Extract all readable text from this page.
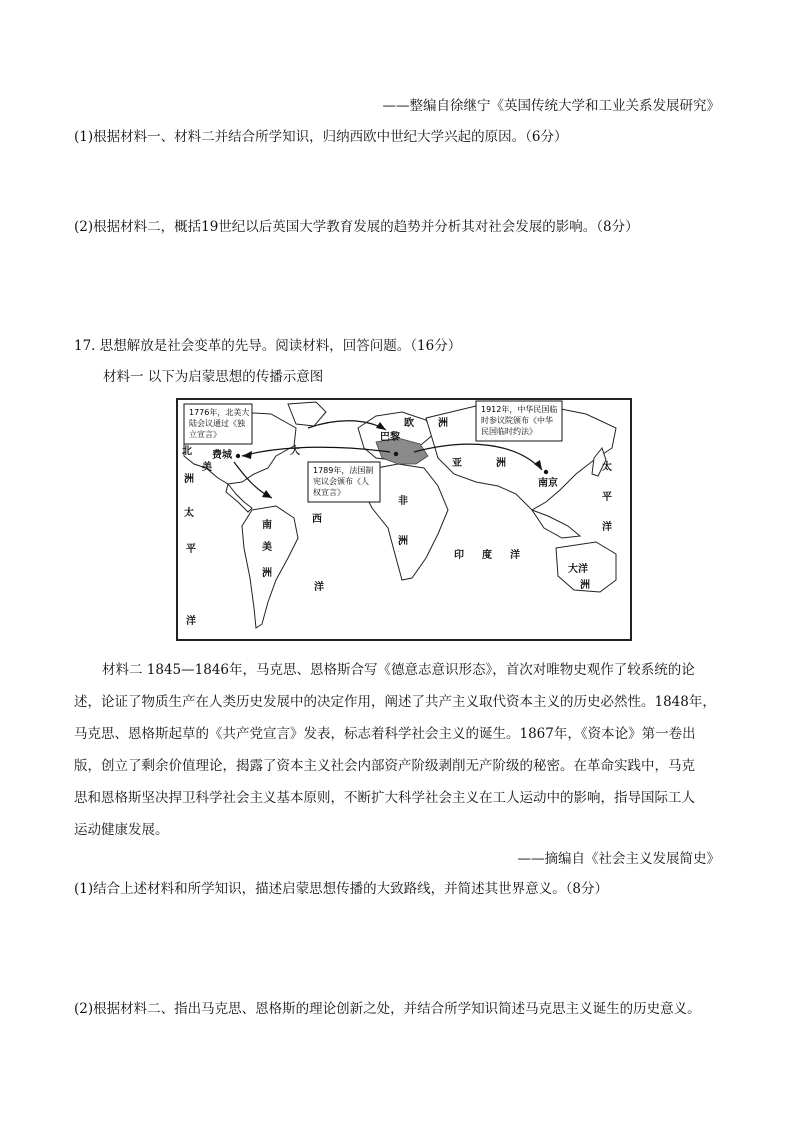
——整编自徐继宁《英国传统大学和工业关系发展研究》
(1)根据材料一、材料二并结合所学知识，归纳西欧中世纪大学兴起的原因。（6分）
(2)根据材料二，概括19世纪以后英国大学教育发展的趋势并分析其对社会发展的影响。（8分）
17. 思想解放是社会变革的先导。阅读材料，回答问题。（16分）
材料一 以下为启蒙思想的传播示意图
1776年，北美大
陆会议通过《独
立宣言》
1789年，法国制
宪议会颁布《人
权宣言》
1912年，中华民国临
时参议院颁布《中华
民国临时约法》
费城
巴黎
南京
北
美
洲
大
西
欧 洲
亚	洲
太
南
美
洲
平
洋
洋
非
洲
印 度 洋
太
平
洋
大洋
洲
材料二 1845—1846年，马克思、恩格斯合写《德意志意识形态》，首次对唯物史观作了较系统的论
述，论证了物质生产在人类历史发展中的决定作用，阐述了共产主义取代资本主义的历史必然性。1848年，
马克思、恩格斯起草的《共产党宣言》发表，标志着科学社会主义的诞生。1867年，《资本论》第一卷出
版，创立了剩余价值理论，揭露了资本主义社会内部资产阶级剥削无产阶级的秘密。在革命实践中，马克
思和恩格斯坚决捍卫科学社会主义基本原则，不断扩大科学社会主义在工人运动中的影响，指导国际工人
运动健康发展。
——摘编自《社会主义发展简史》
(1)结合上述材料和所学知识，描述启蒙思想传播的大致路线，并简述其世界意义。（8分）
(2)根据材料二、指出马克思、恩格斯的理论创新之处，并结合所学知识简述马克思主义诞生的历史意义。
